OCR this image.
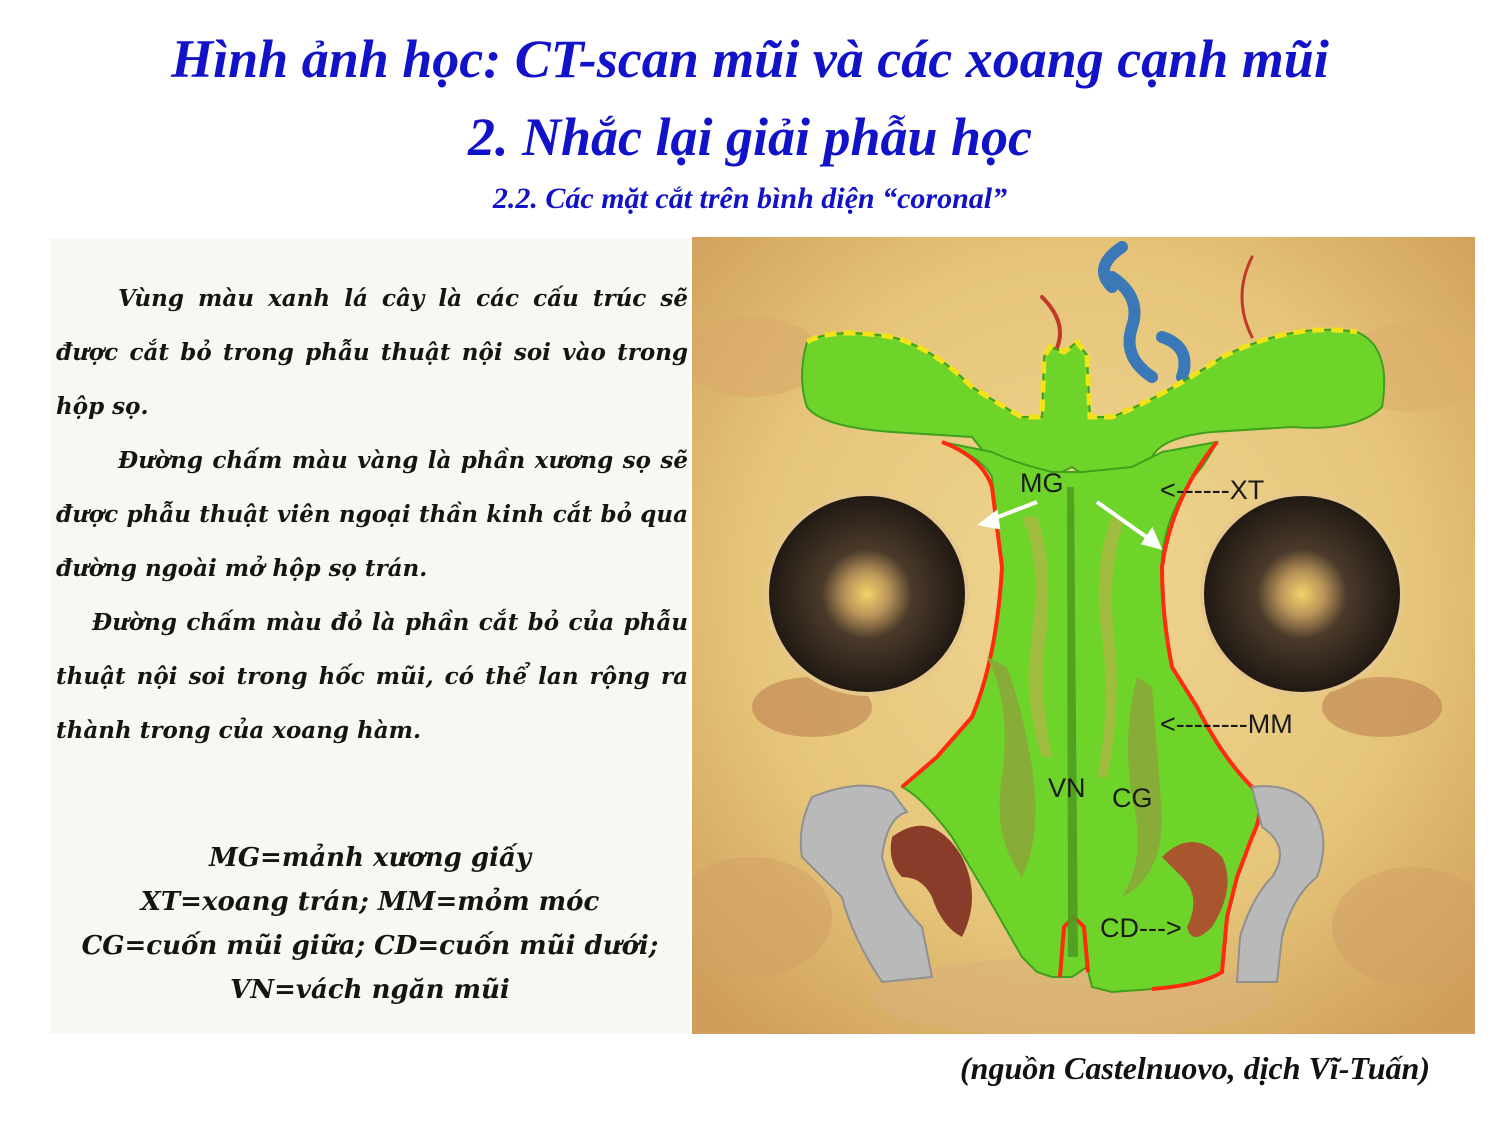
Hình ảnh học: CT-scan mũi và các xoang cạnh mũi
2. Nhắc lại giải phẫu học
2.2. Các mặt cắt trên bình diện “coronal”

Vùng màu xanh lá cây là các cấu trúc sẽ được cắt bỏ trong phẫu thuật nội soi vào trong hộp sọ.
Đường chấm màu vàng là phần xương sọ sẽ được phẫu thuật viên ngoại thần kinh cắt bỏ qua đường ngoài mở hộp sọ trán.
Đường chấm màu đỏ là phần cắt bỏ của phẫu thuật nội soi trong hốc mũi, có thể lan rộng ra thành trong của xoang hàm.

MG=mảnh xương giấy
XT=xoang trán; MM=mỏm móc
CG=cuốn mũi giữa; CD=cuốn mũi dưới;
VN=vách ngăn mũi
MG	<------XT
<--------MM
VN CG
CD--->
(nguồn Castelnuovo, dịch Vĩ-Tuấn)
